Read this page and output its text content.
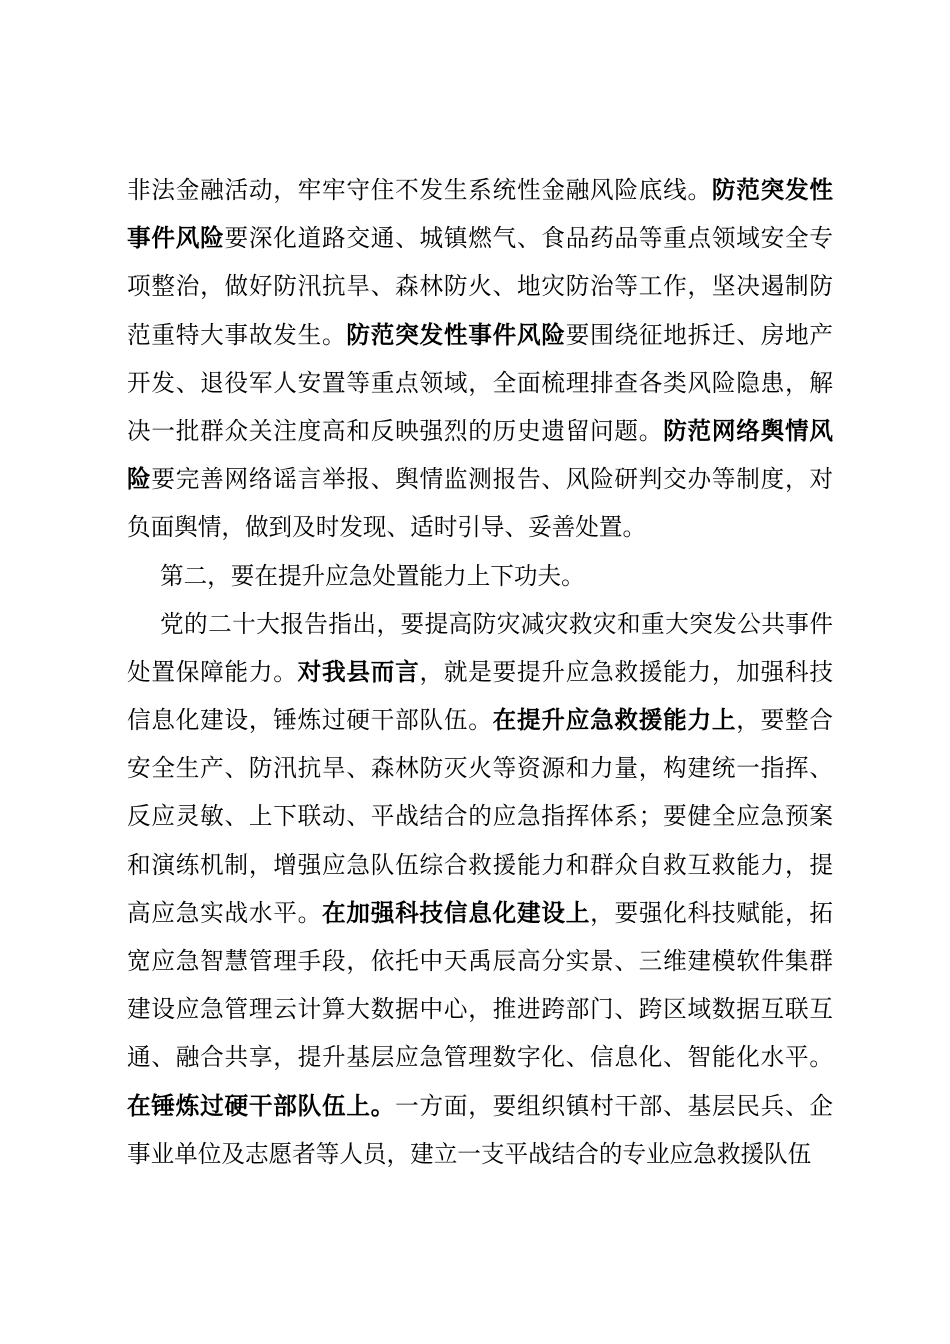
非法金融活动，牢牢守住不发生系统性金融风险底线。防范突发性
事件风险要深化道路交通、城镇燃气、食品药品等重点领域安全专
项整治，做好防汛抗旱、森林防火、地灾防治等工作，坚决遏制防
范重特大事故发生。防范突发性事件风险要围绕征地拆迁、房地产
开发、退役军人安置等重点领域，全面梳理排查各类风险隐患，解
决一批群众关注度高和反映强烈的历史遗留问题。防范网络舆情风
险要完善网络谣言举报、舆情监测报告、风险研判交办等制度，对
负面舆情，做到及时发现、适时引导、妥善处置。
第二，要在提升应急处置能力上下功夫。
党的二十大报告指出，要提高防灾减灾救灾和重大突发公共事件
处置保障能力。对我县而言，就是要提升应急救援能力，加强科技
信息化建设，锤炼过硬干部队伍。在提升应急救援能力上，要整合
安全生产、防汛抗旱、森林防灭火等资源和力量，构建统一指挥、
反应灵敏、上下联动、平战结合的应急指挥体系；要健全应急预案
和演练机制，增强应急队伍综合救援能力和群众自救互救能力，提
高应急实战水平。在加强科技信息化建设上，要强化科技赋能，拓
宽应急智慧管理手段，依托中天禹辰高分实景、三维建模软件集群
建设应急管理云计算大数据中心，推进跨部门、跨区域数据互联互
通、融合共享，提升基层应急管理数字化、信息化、智能化水平。
在锤炼过硬干部队伍上。一方面，要组织镇村干部、基层民兵、企
事业单位及志愿者等人员，建立一支平战结合的专业应急救援队伍
